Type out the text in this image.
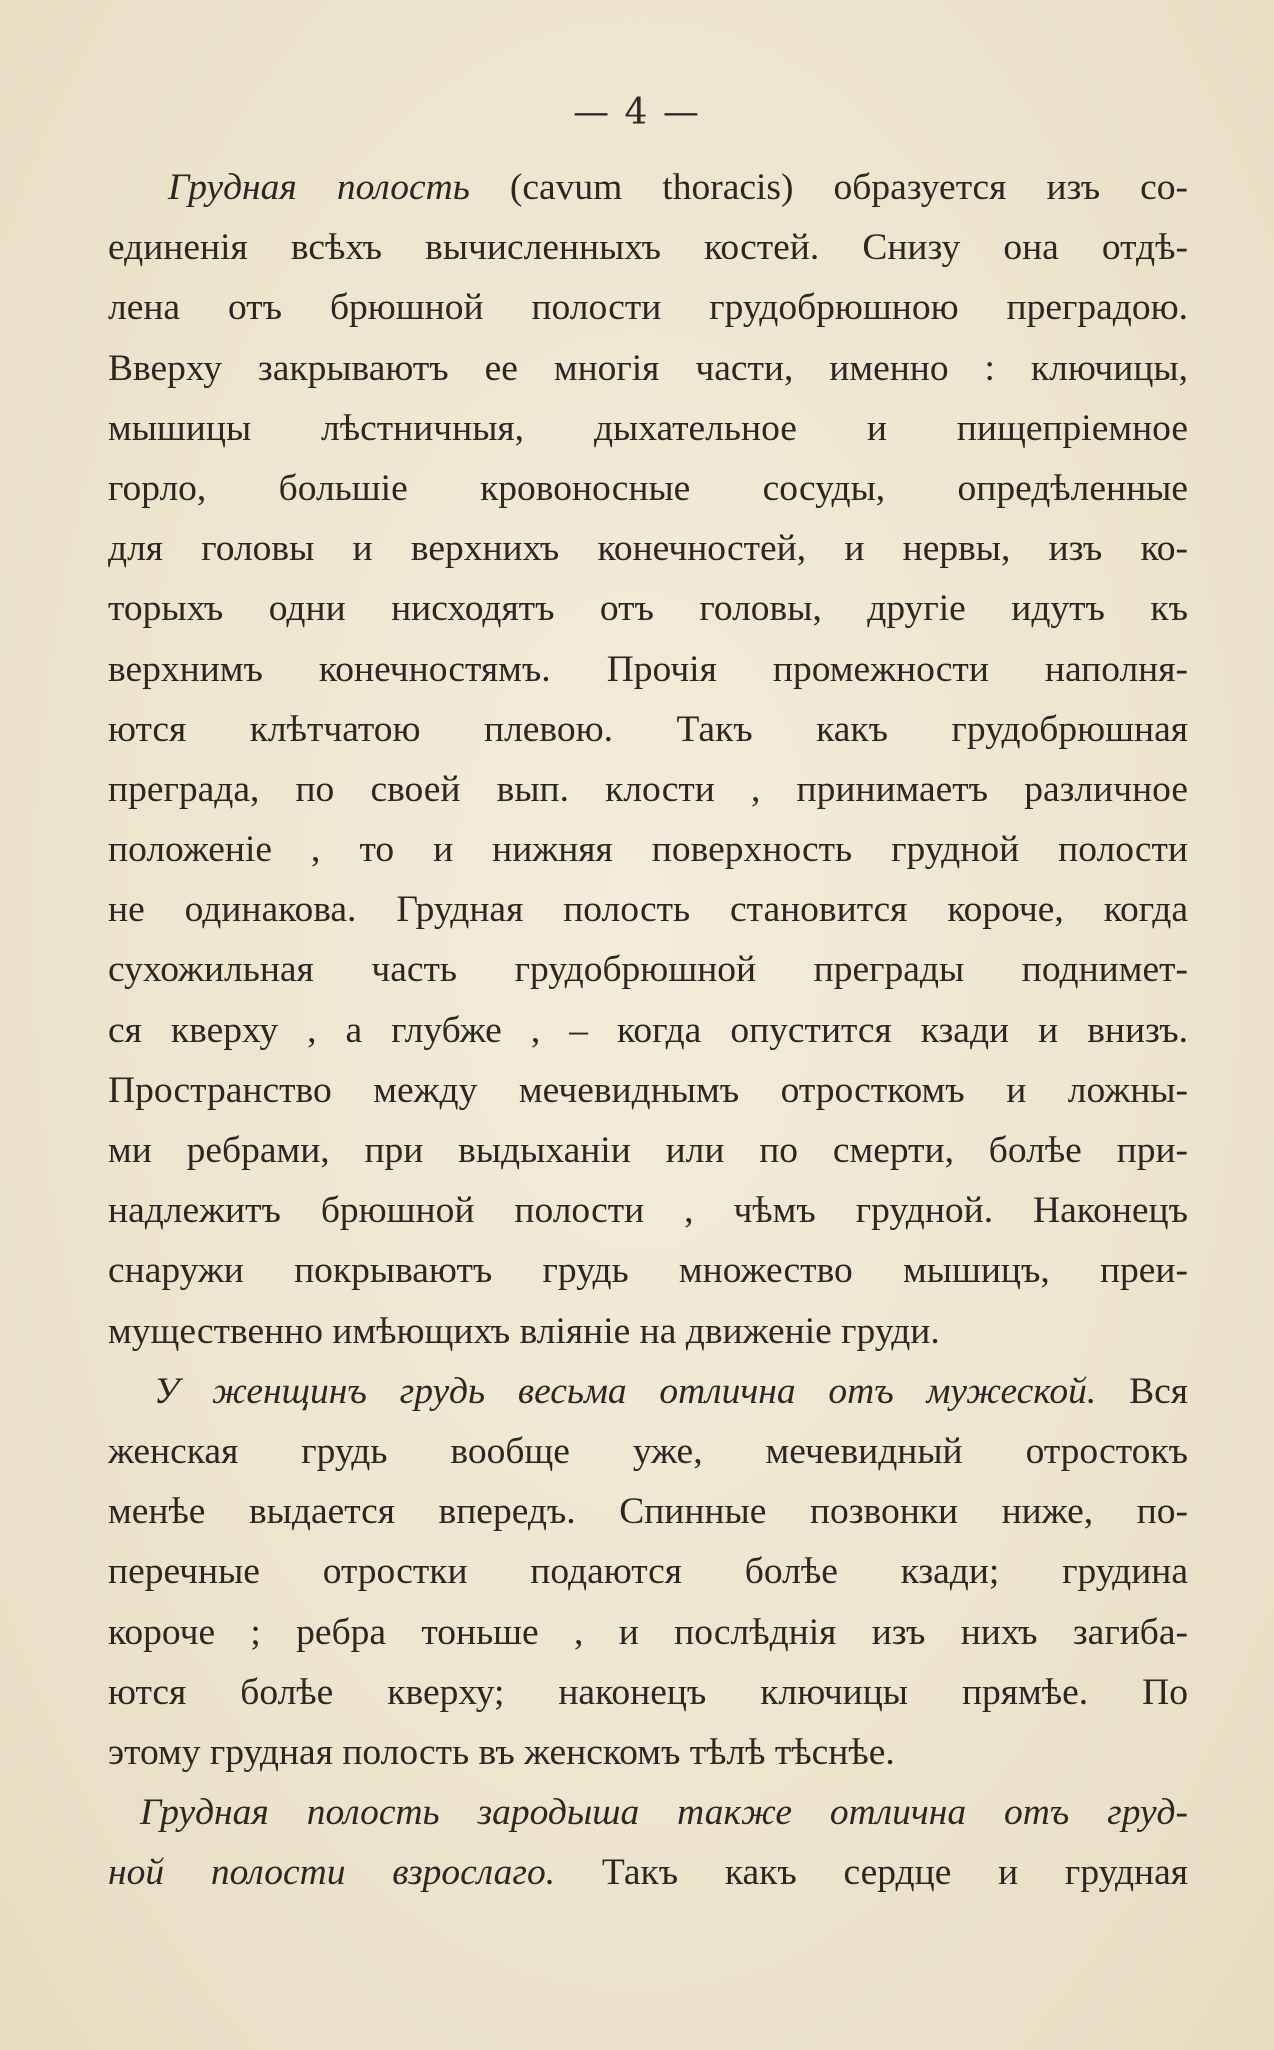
— 4 —
Грудная полость (cavum thoracis) образуется изъ со-
единенія всѣхъ вычисленныхъ костей. Снизу она отдѣ-
лена отъ брюшной полости грудобрюшною преградою.
Вверху закрываютъ ее многія части, именно : ключицы,
мышицы лѣстничныя, дыхательное и пищепріемное
горло, большіе кровоносные сосуды, опредѣленные
для головы и верхнихъ конечностей, и нервы, изъ ко-
торыхъ одни нисходятъ отъ головы, другіе идутъ къ
верхнимъ конечностямъ. Прочія промежности наполня-
ются клѣтчатою плевою. Такъ какъ грудобрюшная
преграда, по своей вып. клости , принимаетъ различное
положеніе , то и нижняя поверхность грудной полости
не одинакова. Грудная полость становится короче, когда
сухожильная часть грудобрюшной преграды поднимет-
ся кверху , а глубже , – когда опустится кзади и внизъ.
Пространство между мечевиднымъ отросткомъ и ложны-
ми ребрами, при выдыханіи или по смерти, болѣе при-
надлежитъ брюшной полости , чѣмъ грудной. Наконецъ
снаружи покрываютъ грудь множество мышицъ, преи-
мущественно имѣющихъ вліяніе на движеніе груди.
У женщинъ грудь весьма отлична отъ мужеской. Вся
женская грудь вообще уже, мечевидный отростокъ
менѣе выдается впередъ. Спинные позвонки ниже, по-
перечные отростки подаются болѣе кзади; грудина
короче ; ребра тоньше , и послѣднія изъ нихъ загиба-
ются болѣе кверху; наконецъ ключицы прямѣе. По
этому грудная полость въ женскомъ тѣлѣ тѣснѣе.
Грудная полость зародыша также отлична отъ груд-
ной полости взрослаго. Такъ какъ сердце и грудная
